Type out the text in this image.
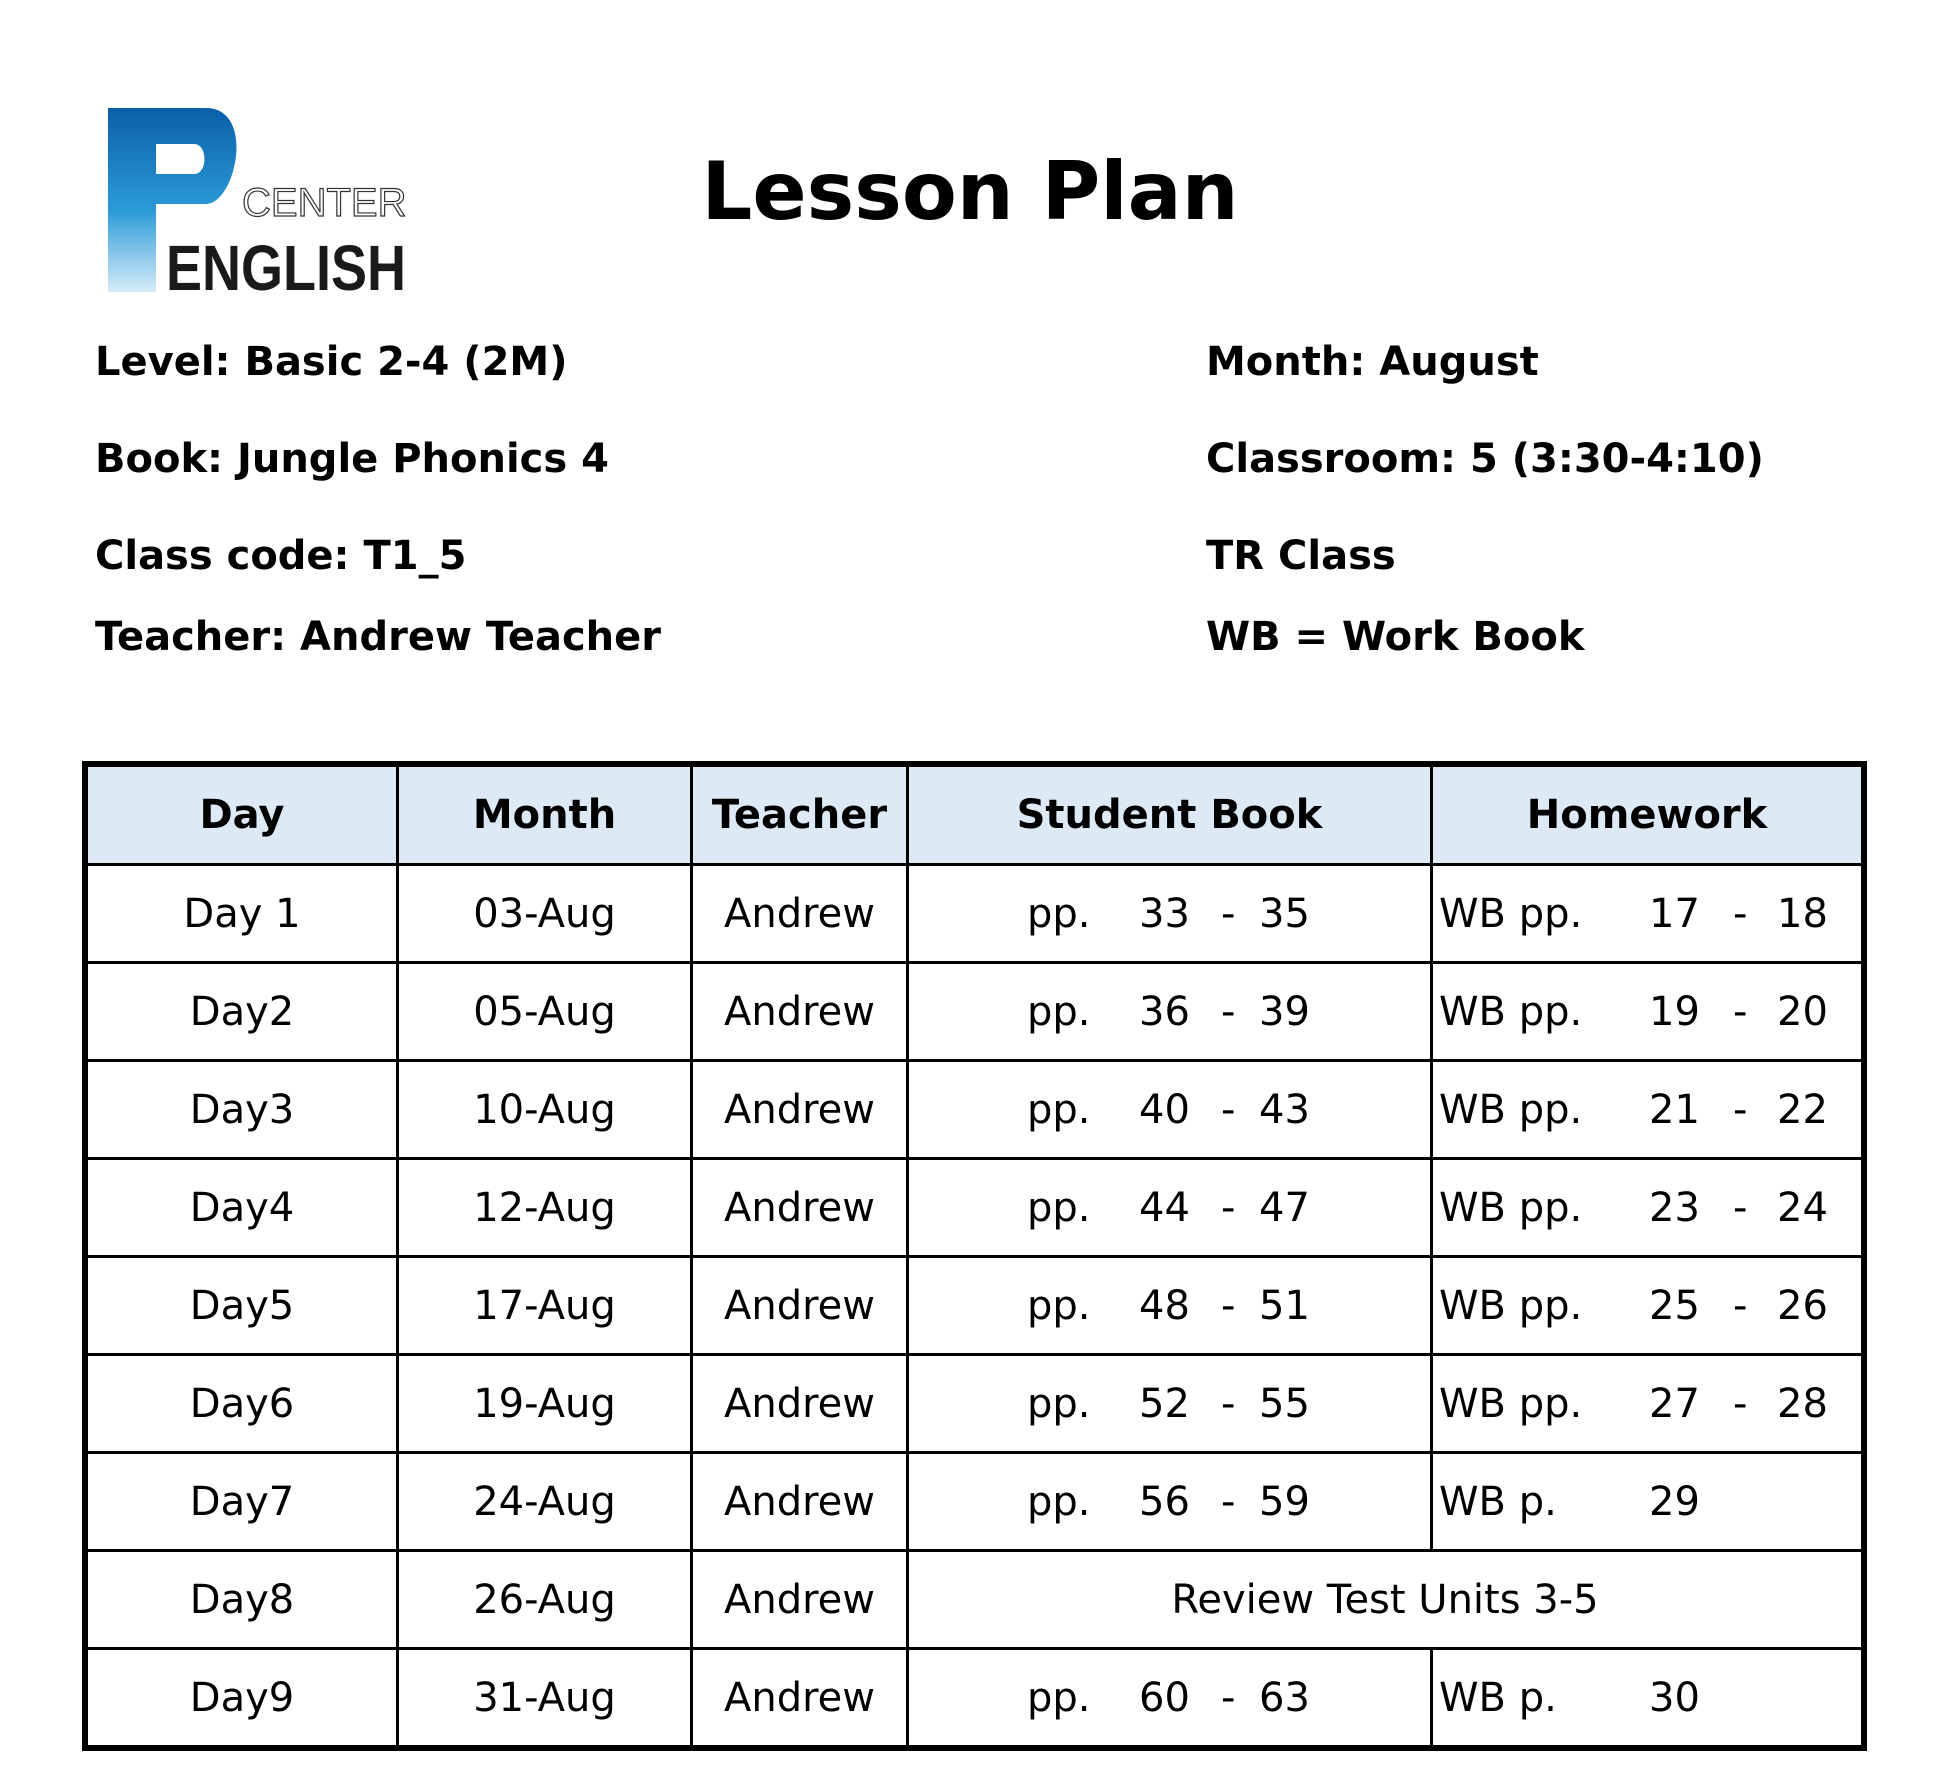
CENTER
ENGLISH
Lesson Plan
Level: Basic 2-4 (2M)
Book: Jungle Phonics 4
Class code: T1_5
Teacher: Andrew Teacher
Month: August
Classroom: 5 (3:30-4:10)
TR Class
WB = Work Book
Day	Month	Teacher	Student Book	Homework
Day 1	03-Aug	Andrew	pp. 33 - 35	WB pp. 17 - 18

Day2	05-Aug	Andrew	pp. 36 - 39	WB pp. 19 - 20

Day3	10-Aug	Andrew	pp. 40 - 43	WB pp. 21 - 22

Day4	12-Aug	Andrew	pp. 44 - 47	WB pp. 23 - 24

Day5	17-Aug	Andrew	pp. 48 - 51	WB pp. 25 - 26

Day6	19-Aug	Andrew	pp. 52 - 55	WB pp. 27 - 28

Day7	24-Aug	Andrew	pp. 56 - 59	WB p. 29

Day8	26-Aug	Andrew	Review Test Units 3-5	
Day9	31-Aug	Andrew	pp. 60 - 63	WB p. 30
